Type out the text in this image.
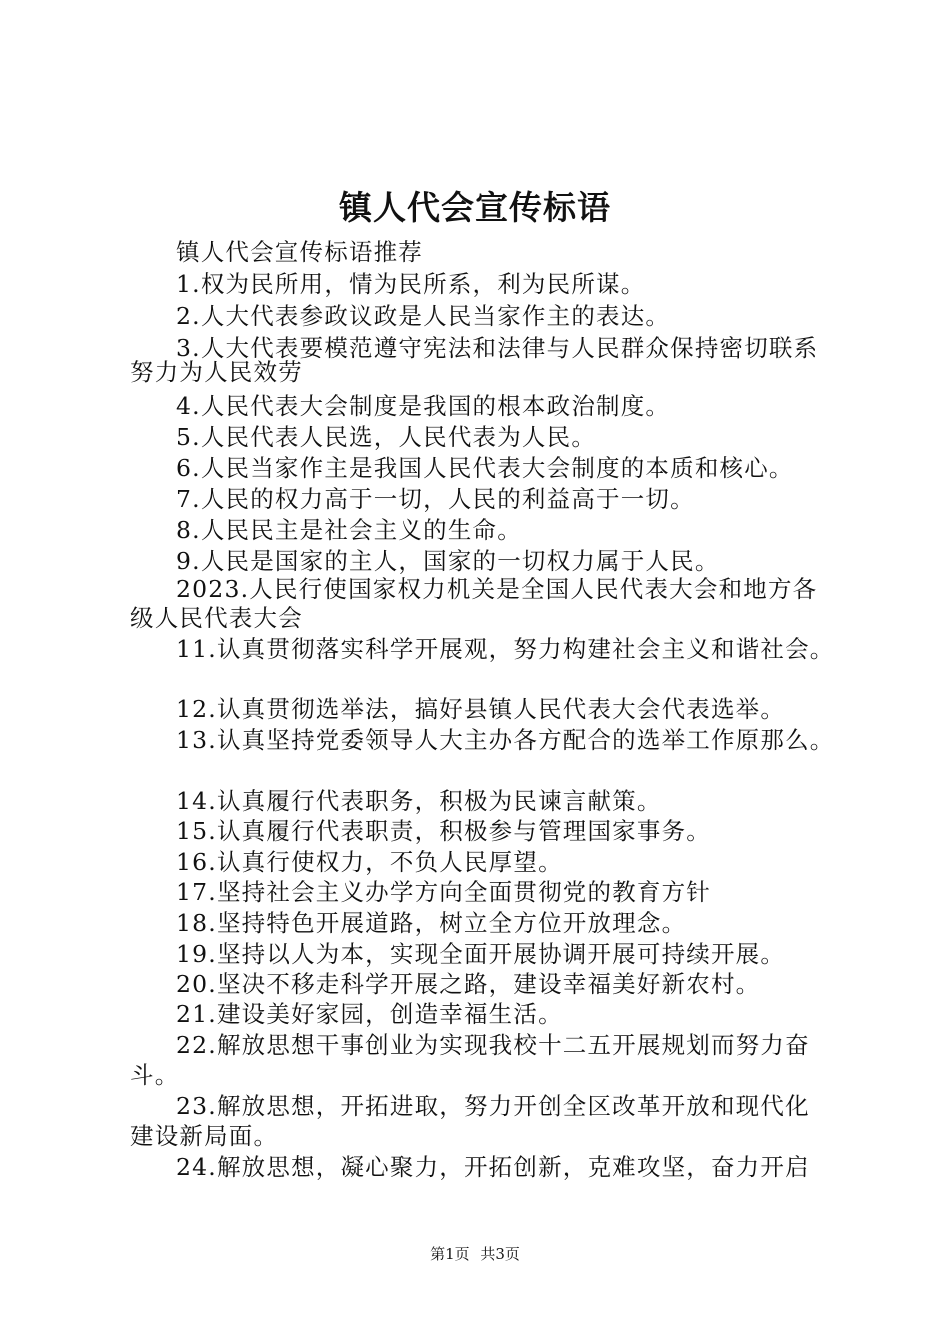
镇人代会宣传标语
镇人代会宣传标语推荐
1.权为民所用，情为民所系，利为民所谋。
2.人大代表参政议政是人民当家作主的表达。
3.人大代表要模范遵守宪法和法律与人民群众保持密切联系
努力为人民效劳
4.人民代表大会制度是我国的根本政治制度。
5.人民代表人民选，人民代表为人民。
6.人民当家作主是我国人民代表大会制度的本质和核心。
7.人民的权力高于一切，人民的利益高于一切。
8.人民民主是社会主义的生命。
9.人民是国家的主人，国家的一切权力属于人民。
2023.人民行使国家权力机关是全国人民代表大会和地方各
级人民代表大会
11.认真贯彻落实科学开展观，努力构建社会主义和谐社会。
12.认真贯彻选举法，搞好县镇人民代表大会代表选举。
13.认真坚持党委领导人大主办各方配合的选举工作原那么。
14.认真履行代表职务，积极为民谏言献策。
15.认真履行代表职责，积极参与管理国家事务。
16.认真行使权力，不负人民厚望。
17.坚持社会主义办学方向全面贯彻党的教育方针
18.坚持特色开展道路，树立全方位开放理念。
19.坚持以人为本，实现全面开展协调开展可持续开展。
20.坚决不移走科学开展之路，建设幸福美好新农村。
21.建设美好家园，创造幸福生活。
22.解放思想干事创业为实现我校十二五开展规划而努力奋
斗。
23.解放思想，开拓进取，努力开创全区改革开放和现代化
建设新局面。
24.解放思想，凝心聚力，开拓创新，克难攻坚，奋力开启
第1页 共3页
